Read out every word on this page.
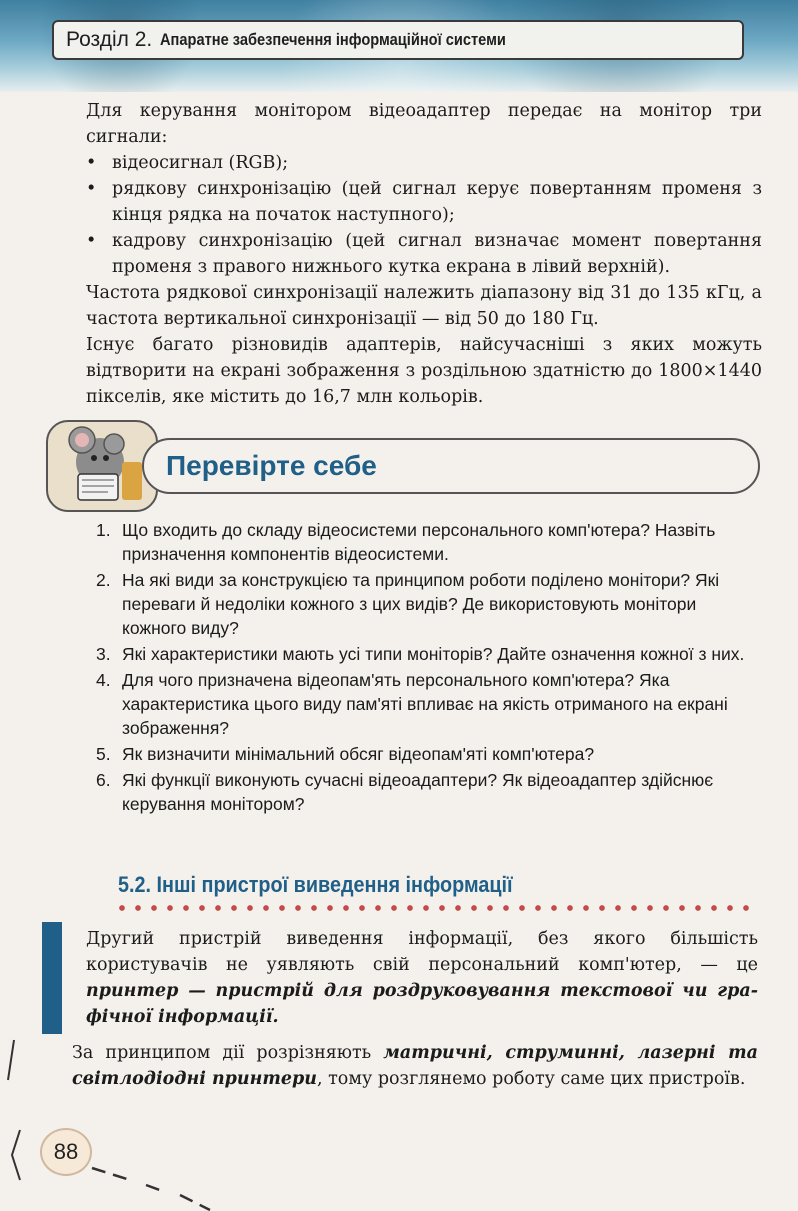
Розділ 2. Апаратне забезпечення інформаційної системи

Для керування монітором відеоадаптер передає на монітор три сигнали:

• відеосигнал (RGB);
• рядкову синхронізацію (цей сигнал керує повертанням променя з кінця рядка на початок наступного);
• кадрову синхронізацію (цей сигнал визначає момент повертання променя з правого нижнього кутка екрана в лівий верхній).

Частота рядкової синхронізації належить діапазону від 31 до 135 кГц, а частота вертикальної синхронізації — від 50 до 180 Гц.

Існує багато різновидів адаптерів, найсучасніші з яких можуть відтворити на екрані зображення з роздільною здатністю до 1800×1440 пікселів, яке містить до 16,7 млн кольорів.

Перевірте себе
1. Що входить до складу відеосистеми персонального комп'ютера? Назвіть призначення компонентів відеосистеми.
2. На які види за конструкцією та принципом роботи поділено монітори? Які переваги й недоліки кожного з цих видів? Де використовують монітори кожного виду?
3. Які характеристики мають усі типи моніторів? Дайте означення кожної з них.
4. Для чого призначена відеопам'ять персонального комп'ютера? Яка характеристика цього виду пам'яті впливає на якість отриманого на екрані зображення?
5. Як визначити мінімальний обсяг відеопам'яті комп'ютера?
6. Які функції виконують сучасні відеоадаптери? Як відеоадаптер здійснює керування монітором?
5.2. Інші пристрої виведення інформації

Другий пристрій виведення інформації, без якого більшість користувачів не уявляють свій персональний комп'ютер, — це принтер — пристрій для роздруковування текстової чи графічної інформації.

За принципом дії розрізняють матричні, струминні, лазерні та світлодіодні принтери, тому розглянемо роботу саме цих пристроїв.

88
